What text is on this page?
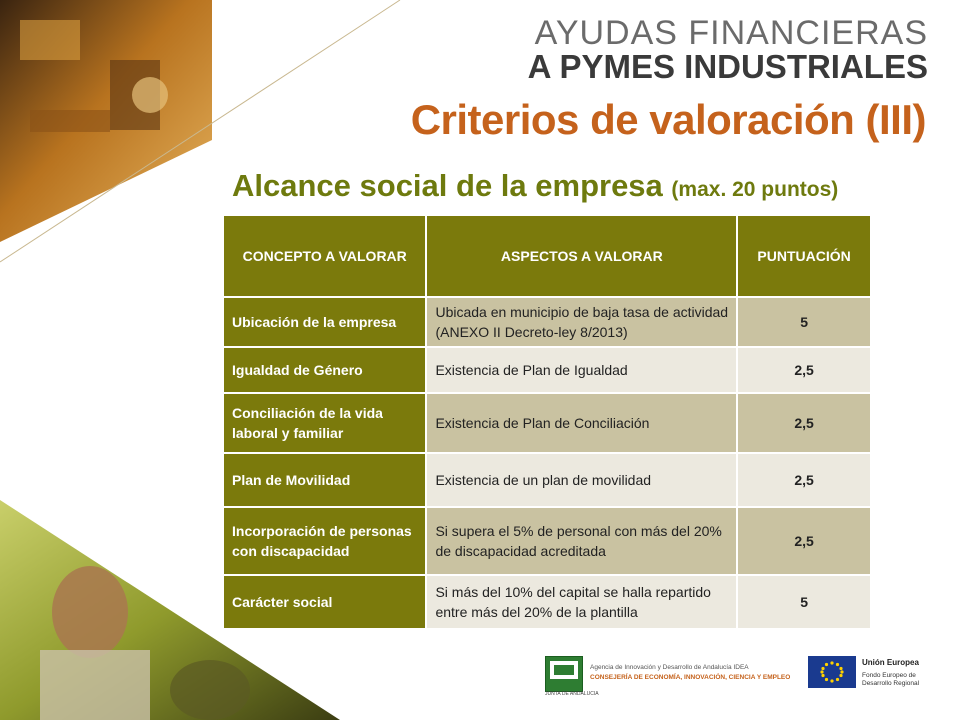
AYUDAS FINANCIERAS
A PYMES INDUSTRIALES
Criterios de valoración (III)
Alcance social de la empresa (max. 20 puntos)
CONCEPTO A VALORAR	ASPECTOS A VALORAR	PUNTUACIÓN
Ubicación de la empresa	Ubicada en municipio de baja tasa de actividad (ANEXO II Decreto-ley 8/2013)	5
Igualdad de Género	Existencia de Plan de Igualdad	2,5
Conciliación de la vida laboral y familiar	Existencia de Plan de Conciliación	2,5
Plan de Movilidad	Existencia de un plan de movilidad	2,5
Incorporación de personas con discapacidad	Si supera el 5% de personal con más del 20% de discapacidad acreditada	2,5
Carácter social	Si más del 10% del capital se halla repartido entre más del 20% de la plantilla	5
JUNTA DE ANDALUCIA
Agencia de Innovación y Desarrollo de Andalucía IDEA
CONSEJERÍA DE ECONOMÍA, INNOVACIÓN, CIENCIA Y EMPLEO
Unión Europea
Fondo Europeo de
Desarrollo Regional
